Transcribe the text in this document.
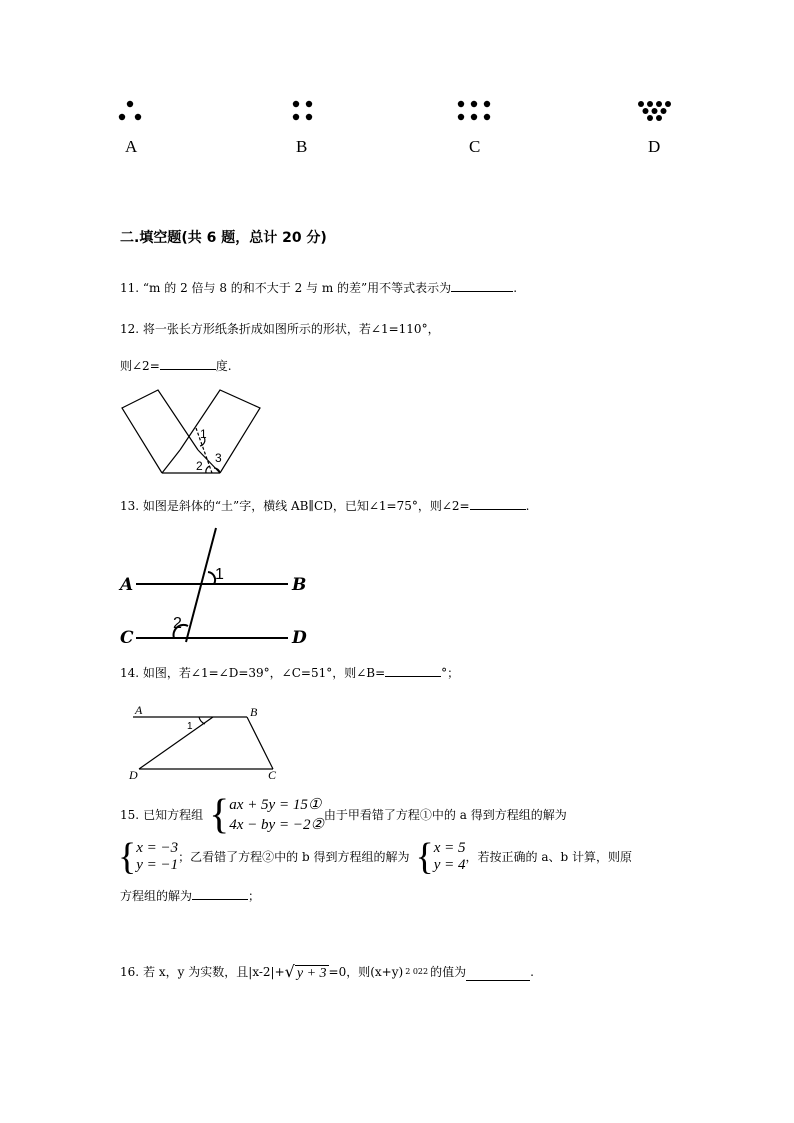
A	B	C	D
二.填空题(共 6 题，总计 20 分)
11. “m 的 2 倍与 8 的和不大于 2 与 m 的差”用不等式表示为	.
12. 将一张长方形纸条折成如图所示的形状，若∠1=110°，
则∠2=	度.
1
2
3
13. 如图是斜体的“土”字，横线 AB∥CD，已知∠1=75°，则∠2=	.
A	B
C	D
1
2
14. 如图，若∠1=∠D=39°，∠C=51°，则∠B=	°；
A	B
C
D
1
15. 已知方程组 { ax + 5y = 15①
4x − by = −2②
由于甲看错了方程①中的 a 得到方程组的解为
{ x = −3
y = −1 ；乙看错了方程②中的 b 得到方程组的解为 { x = 5
y = 4 ，若按正确的 a、b 计算，则原
方程组的解为	；
16. 若 x，y 为实数，且|x-2|+ √ y + 3 =0，则(x+y) 2 022 的值为	.
